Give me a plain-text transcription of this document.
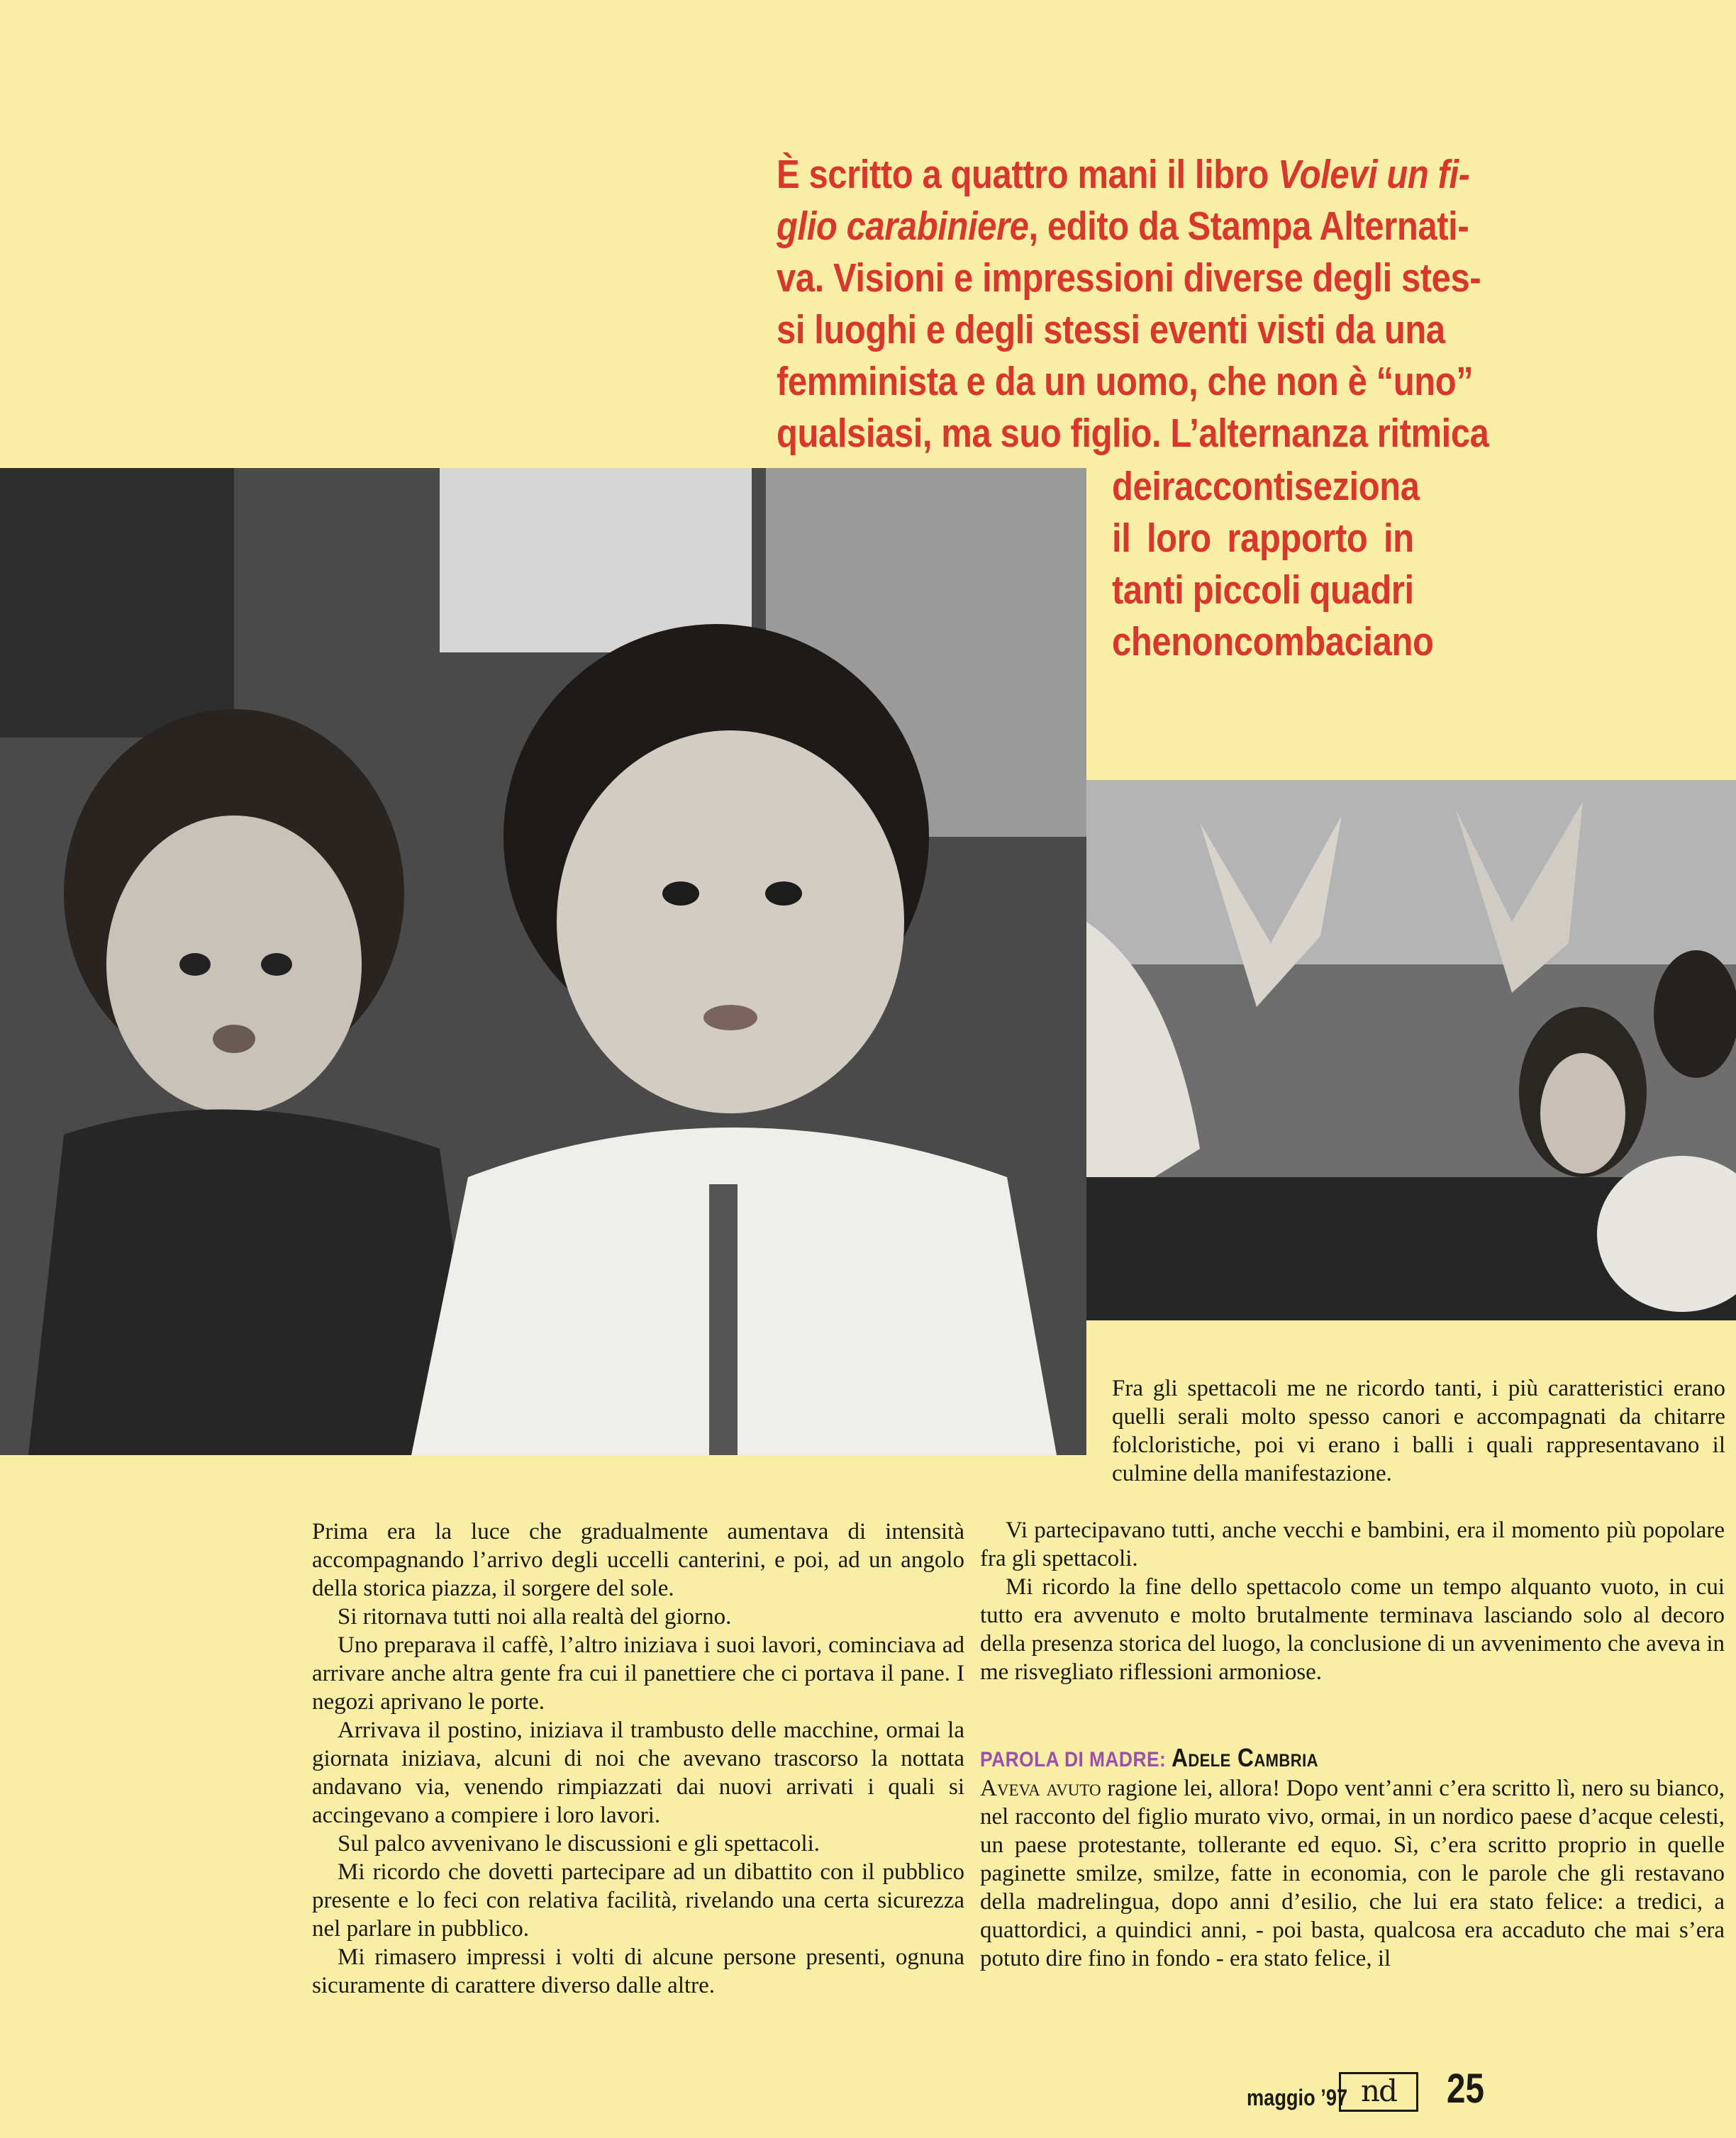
È scritto a quattro mani il libro Volevi un fi-
glio carabiniere, edito da Stampa Alternati-
va. Visioni e impressioni diverse degli stes-
si luoghi e degli stessi eventi visti da una
femminista e da un uomo, che non è “uno”
qualsiasi, ma suo figlio. L’alternanza ritmica
dei racconti seziona
il loro rapporto in
tanti piccoli quadri
che non combaciano

Fra gli spettacoli me ne ricordo tanti, i più caratteristici erano quelli serali molto spesso canori e accompagnati da chitarre folcloristiche, poi vi erano i balli i quali rappresentavano il culmine della manifestazione.

Prima era la luce che gradualmente aumentava di intensità accompagnando l’arrivo degli uccelli canterini, e poi, ad un angolo della storica piazza, il sorgere del sole.

Si ritornava tutti noi alla realtà del giorno.

Uno preparava il caffè, l’altro iniziava i suoi lavori, cominciava ad arrivare anche altra gente fra cui il panettiere che ci portava il pane. I negozi aprivano le porte.

Arrivava il postino, iniziava il trambusto delle macchine, ormai la giornata iniziava, alcuni di noi che avevano trascorso la nottata andavano via, venendo rimpiazzati dai nuovi arrivati i quali si accingevano a compiere i loro lavori.

Sul palco avvenivano le discussioni e gli spettacoli.

Mi ricordo che dovetti partecipare ad un dibattito con il pubblico presente e lo feci con relativa facilità, rivelando una certa sicurezza nel parlare in pubblico.

Mi rimasero impressi i volti di alcune persone presenti, ognuna sicuramente di carattere diverso dalle altre.

Vi partecipavano tutti, anche vecchi e bambini, era il momento più popolare fra gli spettacoli.

Mi ricordo la fine dello spettacolo come un tempo alquanto vuoto, in cui tutto era avvenuto e molto brutalmente terminava lasciando solo al decoro della presenza storica del luogo, la conclusione di un avvenimento che aveva in me risvegliato riflessioni armoniose.

PAROLA DI MADRE: Adele Cambria

Aveva avuto ragione lei, allora! Dopo vent’anni c’era scritto lì, nero su bianco, nel racconto del figlio murato vivo, ormai, in un nordico paese d’acque celesti, un paese protestante, tollerante ed equo. Sì, c’era scritto proprio in quelle paginette smilze, smilze, fatte in economia, con le parole che gli restavano della madrelingua, dopo anni d’esilio, che lui era stato felice: a tredici, a quattordici, a quindici anni, - poi basta, qualcosa era accaduto che mai s’era potuto dire fino in fondo - era stato felice, il

maggio ’97 nd	25
